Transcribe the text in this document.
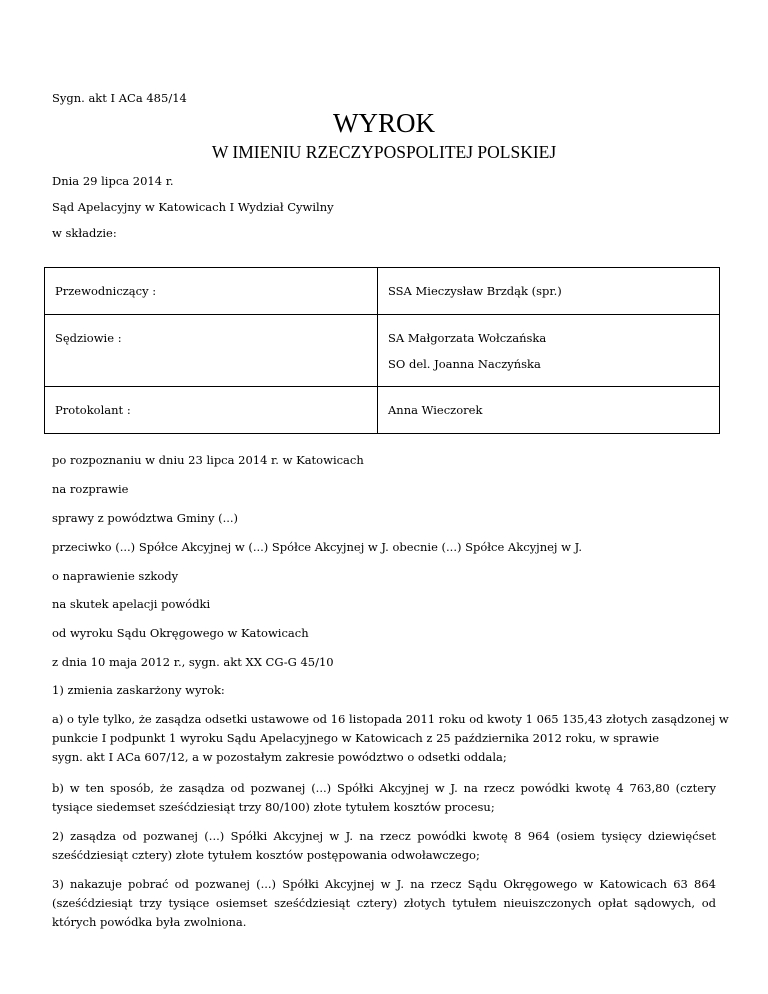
Sygn. akt I ACa 485/14
WYROK
W IMIENIU RZECZYPOSPOLITEJ POLSKIEJ
Dnia 29 lipca 2014 r.
Sąd Apelacyjny w Katowicach I Wydział Cywilny
w składzie:
Przewodniczący :	SSA Mieczysław Brzdąk (spr.)

Sędziowie :	SA Małgorzata Wołczańska
SO del. Joanna Naczyńska

Protokolant :	Anna Wieczorek
po rozpoznaniu w dniu 23 lipca 2014 r. w Katowicach
na rozprawie
sprawy z powództwa Gminy (...)
przeciwko (...) Spółce Akcyjnej w (...) Spółce Akcyjnej w J. obecnie (...) Spółce Akcyjnej w J.
o naprawienie szkody
na skutek apelacji powódki
od wyroku Sądu Okręgowego w Katowicach
z dnia 10 maja 2012 r., sygn. akt XX CG-G 45/10
1) zmienia zaskarżony wyrok:
a) o tyle tylko, że zasądza odsetki ustawowe od 16 listopada 2011 roku od kwoty 1 065 135,43 złotych zasądzonej w
punkcie I podpunkt 1 wyroku Sądu Apelacyjnego w Katowicach z 25 października 2012 roku, w sprawie
sygn. akt I ACa 607/12, a w pozostałym zakresie powództwo o odsetki oddala;
b) w ten sposób, że zasądza od pozwanej (...) Spółki Akcyjnej w J. na rzecz powódki kwotę 4 763,80 (cztery tysiące siedemset sześćdziesiąt trzy 80/100) złote tytułem kosztów procesu;
2) zasądza od pozwanej (...) Spółki Akcyjnej w J. na rzecz powódki kwotę 8 964 (osiem tysięcy dziewięćset sześćdziesiąt cztery) złote tytułem kosztów postępowania odwoławczego;
3) nakazuje pobrać od pozwanej (...) Spółki Akcyjnej w J. na rzecz Sądu Okręgowego w Katowicach 63 864 (sześćdziesiąt trzy tysiące osiemset sześćdziesiąt cztery) złotych tytułem nieuiszczonych opłat sądowych, od których powódka była zwolniona.
